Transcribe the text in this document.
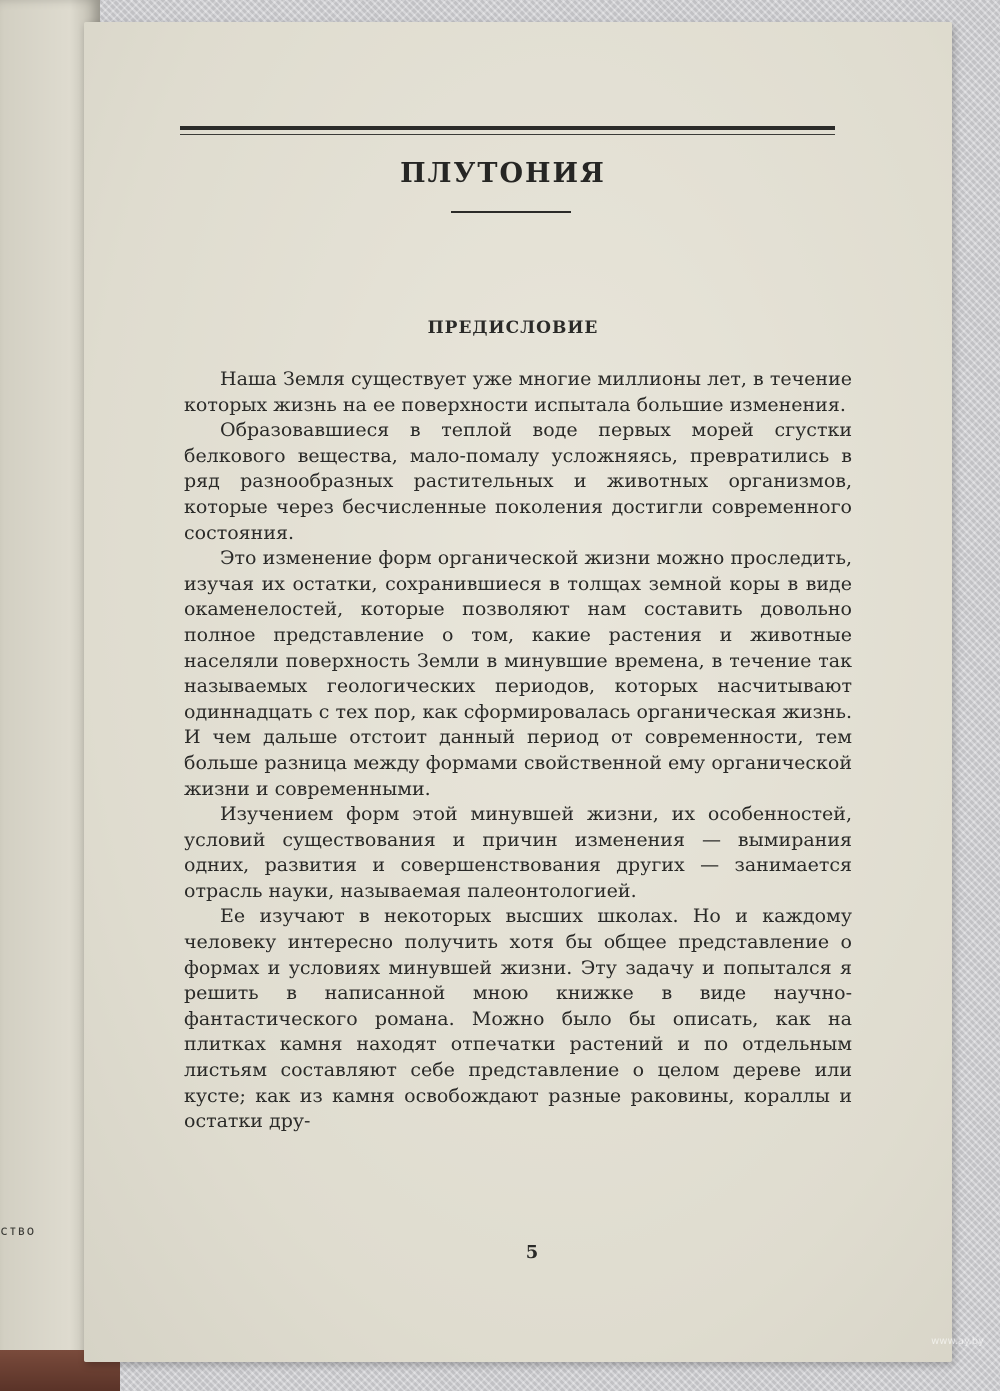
ство
ПЛУТОНИЯ
ПРЕДИСЛОВИЕ

Наша Земля существует уже многие миллионы лет, в течение которых жизнь на ее поверхности испытала большие изменения.

Образовавшиеся в теплой воде первых морей сгустки белкового вещества, мало-помалу усложняясь, превратились в ряд разнообразных растительных и животных организмов, которые через бесчисленные поколения достигли современного состояния.

Это изменение форм органической жизни можно проследить, изучая их остатки, сохранившиеся в толщах земной коры в виде окаменелостей, которые позволяют нам составить довольно полное представление о том, какие растения и животные населяли поверхность Земли в минувшие времена, в течение так называемых геологических периодов, которых насчитывают одиннадцать с тех пор, как сформировалась органическая жизнь. И чем дальше отстоит данный период от современности, тем больше разница между формами свойственной ему органической жизни и современными.

Изучением форм этой минувшей жизни, их особенностей, условий существования и причин изменения — вымирания одних, развития и совершенствования других — занимается отрасль науки, называемая палеонтологией.

Ее изучают в некоторых высших школах. Но и каждому человеку интересно получить хотя бы общее представление о формах и условиях минувшей жизни. Эту задачу и попытался я решить в написанной мною книжке в виде научно-фантастического романа. Можно было бы описать, как на плитках камня находят отпечатки растений и по отдельным листьям составляют себе представление о целом дереве или кусте; как из камня освобождают разные раковины, кораллы и остатки дру-

5
www.ay.by
